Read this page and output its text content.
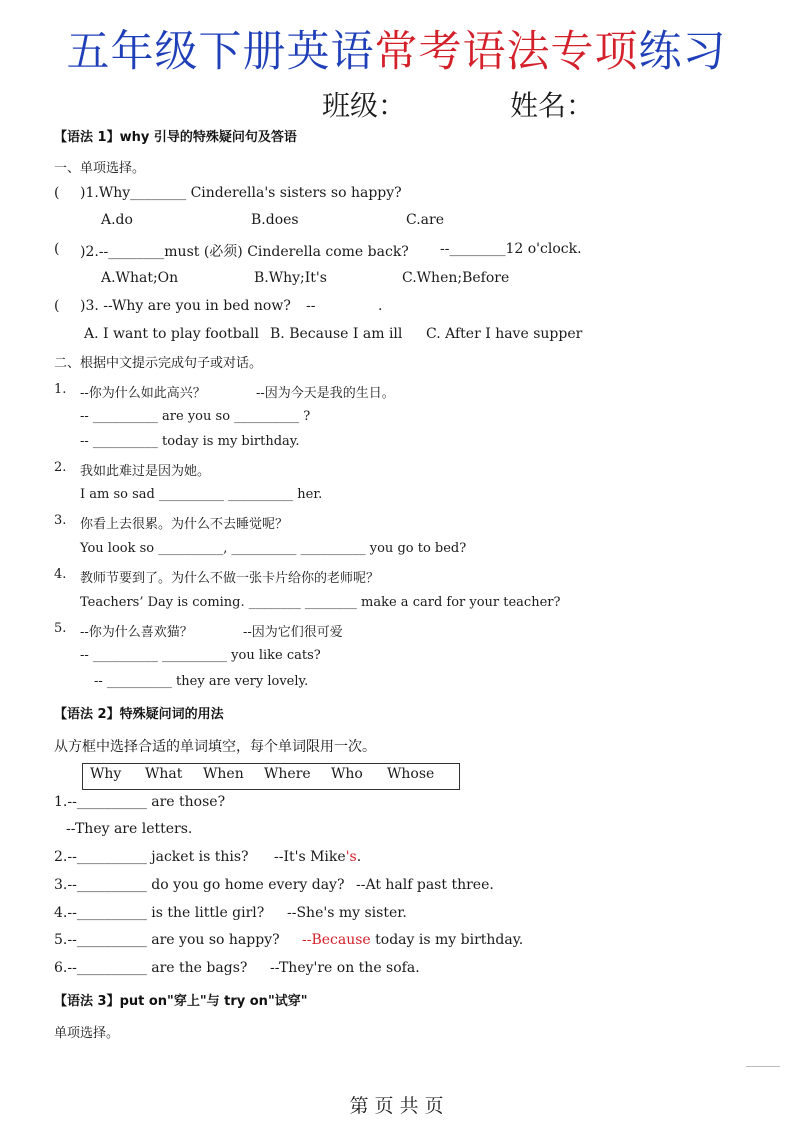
五年级下册英语常考语法专项练习
班级：	姓名：
【语法 1】why 引导的特殊疑问句及答语
一、单项选择。
( )1.Why________ Cinderella's sisters so happy?
A.do	B.does	C.are
( )2.--________must (必须) Cinderella come back? --________12 o'clock.
A.What;On	B.Why;It's	C.When;Before
( )3. --Why are you in bed now? --	.
A. I want to play football B. Because I am ill C. After I have supper
二、根据中文提示完成句子或对话。
1. --你为什么如此高兴？	--因为今天是我的生日。
-- __________ are you so __________ ?
-- __________ today is my birthday.
2. 我如此难过是因为她。
I am so sad __________ __________ her.
3. 你看上去很累。为什么不去睡觉呢？
You look so __________, __________ __________ you go to bed?
4. 教师节要到了。为什么不做一张卡片给你的老师呢？
Teachers’ Day is coming. ________ ________ make a card for your teacher?
5. --你为什么喜欢猫？	--因为它们很可爱
-- __________ __________ you like cats?
-- __________ they are very lovely.
【语法 2】特殊疑问词的用法
从方框中选择合适的单词填空，每个单词限用一次。
Why What When Where Who Whose
1.--__________ are those?
--They are letters.
2.--__________ jacket is this? --It's Mike's.
3.--__________ do you go home every day? --At half past three.
4.--__________ is the little girl? --She's my sister.
5.--__________ are you so happy? --Because today is my birthday.
6.--__________ are the bags? --They're on the sofa.
【语法 3】put on"穿上"与 try on"试穿"
单项选择。
第 页 共 页
